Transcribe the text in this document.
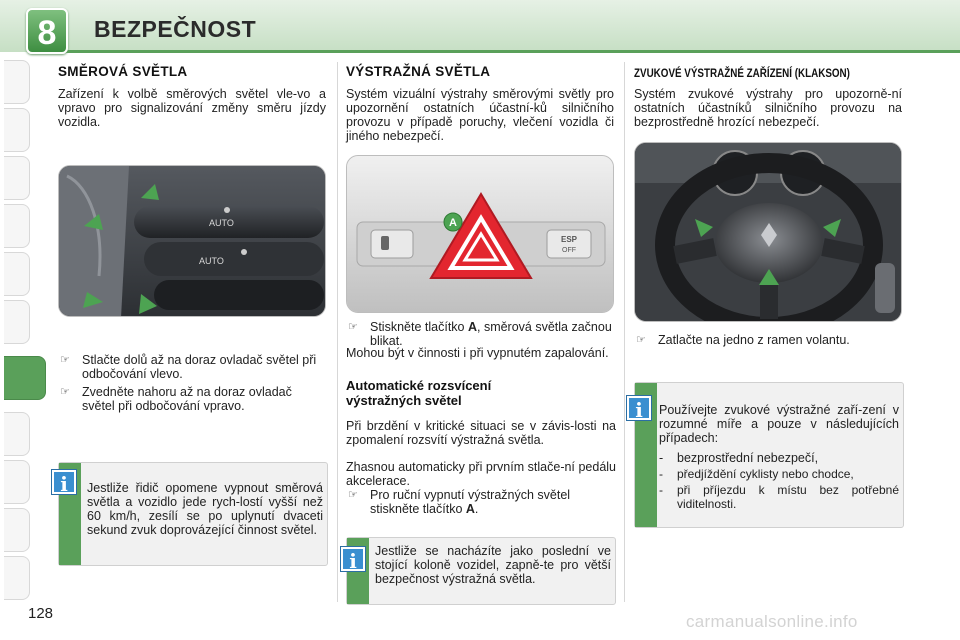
8	BEZPEČNOST
SMĚROVÁ SVĚTLA
Zařízení k volbě směrových světel vle-vo a vpravo pro signalizování změny směru jízdy vozidla.
AUTO
AUTO
☞ Stlačte dolů až na doraz ovladač světel při odbočování vlevo.
☞ Zvedněte nahoru až na doraz ovladač světel při odbočování vpravo.
Jestliže řidič opomene vypnout směrová světla a vozidlo jede rych-lostí vyšší než 60 km/h, zesílí se po uplynutí dvaceti sekund zvuk doprovázející činnost světel.
i
VÝSTRAŽNÁ SVĚTLA
Systém vizuální výstrahy směrovými světly pro upozornění ostatních účastní-ků silničního provozu v případě poruchy, vlečení vozidla či jiného nebezpečí.
ESP
OFF
A
☞ Stiskněte tlačítko A, směrová světla začnou blikat.
Mohou být v činnosti i při vypnutém zapalování.
Automatické rozsvícení
výstražných světel
Při brzdění v kritické situaci se v závis-losti na zpomalení rozsvítí výstražná světla.
Zhasnou automaticky při prvním stlače-ní pedálu akcelerace.
☞ Pro ruční vypnutí výstražných světel stiskněte tlačítko A.
Jestliže se nacházíte jako poslední ve stojící koloně vozidel, zapně-te pro větší bezpečnost výstražná světla.
i
ZVUKOVÉ VÝSTRAŽNÉ ZAŘÍZENÍ (KLAKSON)
Systém zvukové výstrahy pro upozorně-ní ostatních účastníků silničního provozu na bezprostředně hrozící nebezpečí.
☞ Zatlačte na jedno z ramen volantu.
Používejte zvukové výstražné zaří-zení v rozumné míře a pouze v následujících případech:
- bezprostřední nebezpečí,
- předjíždění cyklisty nebo chodce,
- při příjezdu k místu bez potřebné viditelnosti.
i
128	carmanualsonline.info
